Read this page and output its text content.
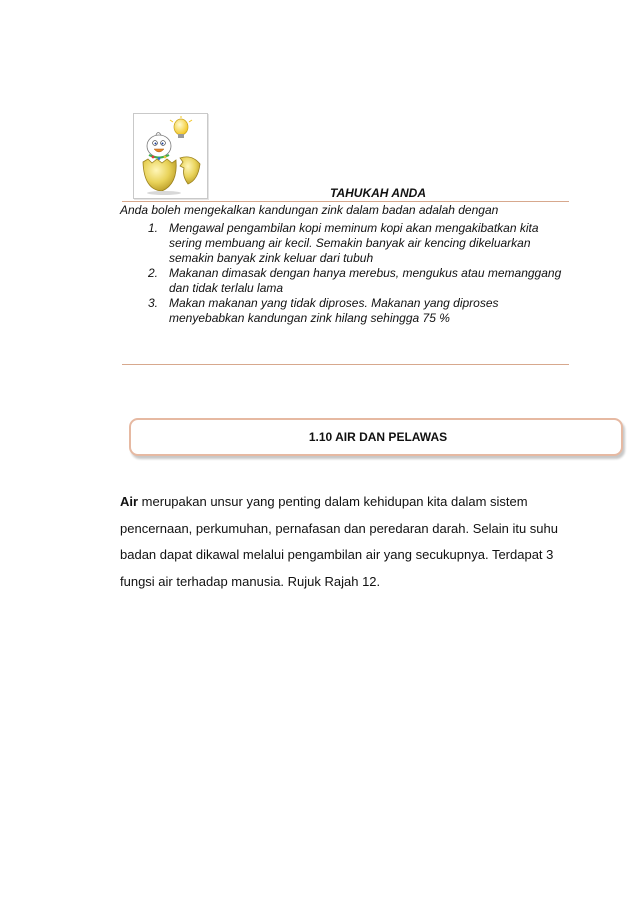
TAHUKAH ANDA
Anda boleh mengekalkan kandungan zink dalam badan adalah dengan
1. Mengawal pengambilan kopi meminum kopi akan mengakibatkan kita sering membuang air kecil. Semakin banyak air kencing dikeluarkan semakin banyak zink keluar dari tubuh
2. Makanan dimasak dengan hanya merebus, mengukus atau memanggang dan tidak terlalu lama
3. Makan makanan yang tidak diproses. Makanan yang diproses menyebabkan kandungan zink hilang sehingga 75 %
1.10 AIR DAN PELAWAS
Air merupakan unsur yang penting dalam kehidupan kita dalam sistem pencernaan, perkumuhan, pernafasan dan peredaran darah. Selain itu suhu badan dapat dikawal melalui pengambilan air yang secukupnya. Terdapat 3 fungsi air terhadap manusia. Rujuk Rajah 12.
